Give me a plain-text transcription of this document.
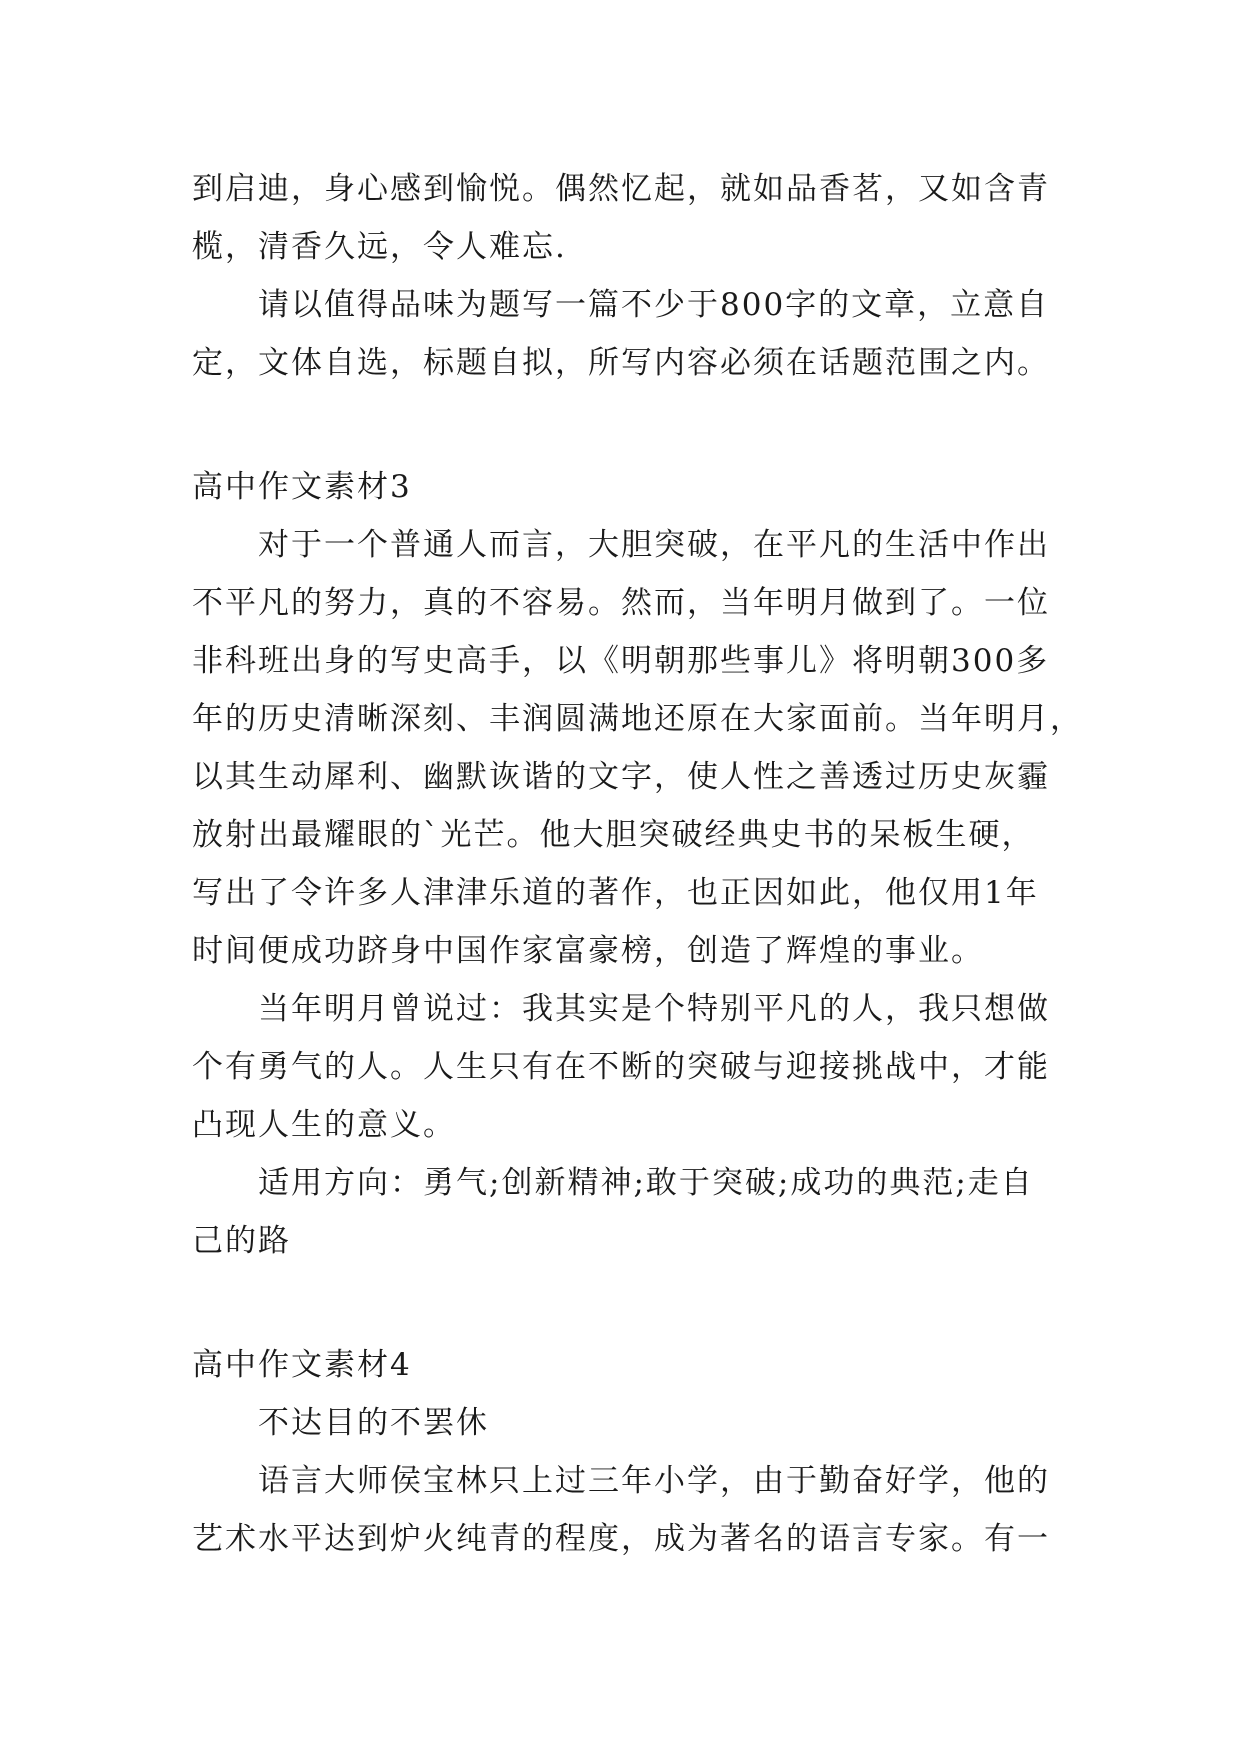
到启迪，身心感到愉悦。偶然忆起，就如品香茗，又如含青

榄，清香久远，令人难忘.

请以值得品味为题写一篇不少于800字的文章，立意自

定，文体自选，标题自拟，所写内容必须在话题范围之内。

高中作文素材3

对于一个普通人而言，大胆突破，在平凡的生活中作出

不平凡的努力，真的不容易。然而，当年明月做到了。一位

非科班出身的写史高手，以《明朝那些事儿》将明朝300多

年的历史清晰深刻、丰润圆满地还原在大家面前。当年明月，

以其生动犀利、幽默诙谐的文字，使人性之善透过历史灰霾

放射出最耀眼的`光芒。他大胆突破经典史书的呆板生硬，

写出了令许多人津津乐道的著作，也正因如此，他仅用1年

时间便成功跻身中国作家富豪榜，创造了辉煌的事业。

当年明月曾说过：我其实是个特别平凡的人，我只想做

个有勇气的人。人生只有在不断的突破与迎接挑战中，才能

凸现人生的意义。

适用方向：勇气;创新精神;敢于突破;成功的典范;走自

己的路

高中作文素材4

不达目的不罢休

语言大师侯宝林只上过三年小学，由于勤奋好学，他的

艺术水平达到炉火纯青的程度，成为著名的语言专家。有一
